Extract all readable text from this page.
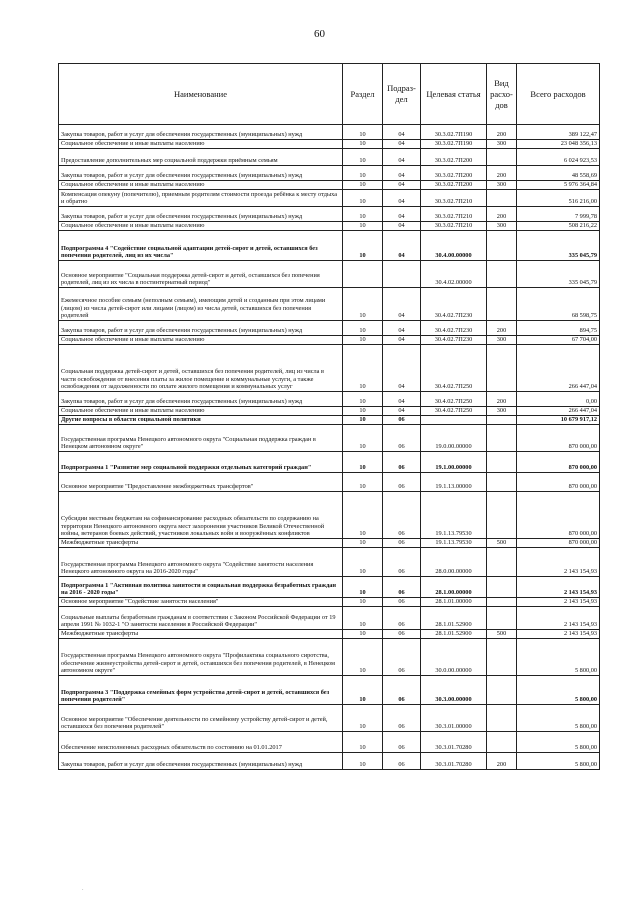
60
Наименование	Раздел	Подраз-дел	Целевая статья	Вид расхо-дов	Всего расходов
Закупка товаров, работ и услуг для обеспечения государственных (муниципальных) нужд	10	04	30.3.02.7П190	200	389 122,47
Социальное обеспечение и иные выплаты населению	10	04	30.3.02.7П190	300	23 048 356,13
Предоставление дополнительных мер социальной поддержки приёмным семьям	10	04	30.3.02.7П200		6 024 923,53
Закупка товаров, работ и услуг для обеспечения государственных (муниципальных) нужд	10	04	30.3.02.7П200	200	48 558,69
Социальное обеспечение и иные выплаты населению	10	04	30.3.02.7П200	300	5 976 364,84
Компенсация опекуну (попечителю), приемным родителям стоимости проезда ребёнка к месту отдыха и обратно	10	04	30.3.02.7П210		516 216,00
Закупка товаров, работ и услуг для обеспечения государственных (муниципальных) нужд	10	04	30.3.02.7П210	200	7 999,78
Социальное обеспечение и иные выплаты населению	10	04	30.3.02.7П210	300	508 216,22
Подпрограмма 4 "Содействие социальной адаптации детей-сирот и детей, оставшихся без попечения родителей, лиц из их числа"	10	04	30.4.00.00000		335 045,79
Основное мероприятие "Социальная поддержка детей-сирот и детей, оставшихся без попечения родителей, лиц из их числа в постинтернатный период"			30.4.02.00000		335 045,79
Ежемесячное пособие семьям (неполным семьям), имеющим детей и созданным при этом лицами (лицом) из числа детей-сирот или лицами (лицом) из числа детей, оставшихся без попечения родителей	10	04	30.4.02.7П230		68 598,75
Закупка товаров, работ и услуг для обеспечения государственных (муниципальных) нужд	10	04	30.4.02.7П230	200	894,75
Социальное обеспечение и иные выплаты населению	10	04	30.4.02.7П230	300	67 704,00
Социальная поддержка детей-сирот и детей, оставшихся без попечения родителей, лиц из числа в части освобождения от внесения платы за жилое помещение и коммунальные услуги, а также освобождения от задолженности по оплате жилого помещения и коммунальных услуг	10	04	30.4.02.7П250		266 447,04
Закупка товаров, работ и услуг для обеспечения государственных (муниципальных) нужд	10	04	30.4.02.7П250	200	0,00
Социальное обеспечение и иные выплаты населению	10	04	30.4.02.7П250	300	266 447,04
Другие вопросы в области социальной политики	10	06			10 679 917,12
Государственная программа Ненецкого автономного округа "Социальная поддержка граждан в Ненецком автономном округе"	10	06	19.0.00.00000		870 000,00
Подпрограмма 1 "Развитие мер социальной поддержки отдельных категорий граждан"	10	06	19.1.00.00000		870 000,00
Основное мероприятие "Предоставление межбюджетных трансфертов"	10	06	19.1.13.00000		870 000,00
Субсидии местным бюджетам на софинансирование расходных обязательств по содержанию на территории Ненецкого автономного округа мест захоронения участников Великой Отечественной войны, ветеранов боевых действий, участников локальных войн и вооружённых конфликтов	10	06	19.1.13.79530		870 000,00
Межбюджетные трансферты	10	06	19.1.13.79530	500	870 000,00
Государственная программа Ненецкого автономного округа "Содействие занятости населения Ненецкого автономного округа на 2016-2020 годы"	10	06	28.0.00.00000		2 143 154,93
Подпрограмма 1 "Активная политика занятости и социальная поддержка безработных граждан на 2016 - 2020 годы"	10	06	28.1.00.00000		2 143 154,93
Основное мероприятие "Содействие занятости населения"	10	06	28.1.01.00000		2 143 154,93
Социальные выплаты безработным гражданам в соответствии с Законом Российской Федерации от 19 апреля 1991 № 1032-1 "О занятости населения в Российской Федерации"	10	06	28.1.01.52900		2 143 154,93
Межбюджетные трансферты	10	06	28.1.01.52900	500	2 143 154,93
Государственная программа Ненецкого автономного округа "Профилактика социального сиротства, обеспечение жизнеустройства детей-сирот и детей, оставшихся без попечения родителей, в Ненецком автономном округе"	10	06	30.0.00.00000		5 800,00
Подпрограмма 3 "Поддержка семейных форм устройства детей-сирот и детей, оставшихся без попечения родителей"	10	06	30.3.00.00000		5 800,00
Основное мероприятие "Обеспечение деятельности по семейному устройству детей-сирот и детей, оставшихся без попечения родителей"	10	06	30.3.01.00000		5 800,00
Обеспечение неисполненных расходных обязательств по состоянию на 01.01.2017	10	06	30.3.01.70280		5 800,00
Закупка товаров, работ и услуг для обеспечения государственных (муниципальных) нужд	10	06	30.3.01.70280	200	5 800,00
.
